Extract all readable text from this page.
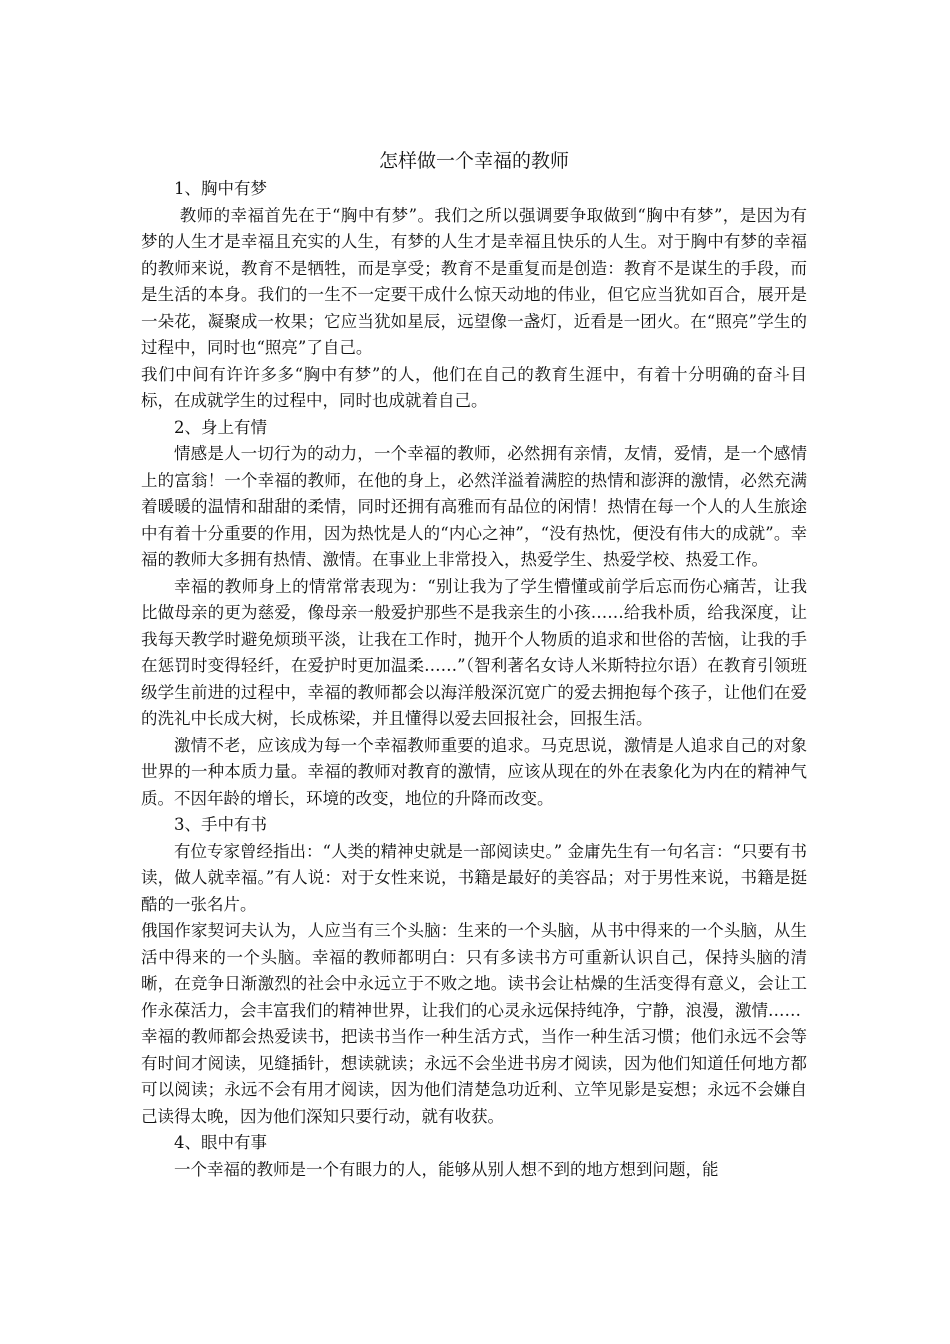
怎样做一个幸福的教师

1、胸中有梦

教师的幸福首先在于“胸中有梦”。我们之所以强调要争取做到“胸中有梦”，是因为有梦的人生才是幸福且充实的人生，有梦的人生才是幸福且快乐的人生。对于胸中有梦的幸福的教师来说，教育不是牺牲，而是享受；教育不是重复而是创造：教育不是谋生的手段，而是生活的本身。我们的一生不一定要干成什么惊天动地的伟业，但它应当犹如百合，展开是一朵花，凝聚成一枚果；它应当犹如星辰，远望像一盏灯，近看是一团火。在“照亮”学生的过程中，同时也“照亮”了自己。

我们中间有许许多多“胸中有梦”的人，他们在自己的教育生涯中，有着十分明确的奋斗目标，在成就学生的过程中，同时也成就着自己。

2、身上有情

情感是人一切行为的动力，一个幸福的教师，必然拥有亲情，友情，爱情，是一个感情上的富翁！一个幸福的教师，在他的身上，必然洋溢着满腔的热情和澎湃的激情，必然充满着暖暖的温情和甜甜的柔情，同时还拥有高雅而有品位的闲情！热情在每一个人的人生旅途中有着十分重要的作用，因为热忱是人的“内心之神”，“没有热忱，便没有伟大的成就”。幸福的教师大多拥有热情、激情。在事业上非常投入，热爱学生、热爱学校、热爱工作。

幸福的教师身上的情常常表现为：“别让我为了学生懵懂或前学后忘而伤心痛苦，让我比做母亲的更为慈爱，像母亲一般爱护那些不是我亲生的小孩……给我朴质，给我深度，让我每天教学时避免烦琐平淡，让我在工作时，抛开个人物质的追求和世俗的苦恼，让我的手在惩罚时变得轻纤，在爱护时更加温柔……”（智利著名女诗人米斯特拉尔语）在教育引领班级学生前进的过程中，幸福的教师都会以海洋般深沉宽广的爱去拥抱每个孩子，让他们在爱的洗礼中长成大树，长成栋梁，并且懂得以爱去回报社会，回报生活。

激情不老，应该成为每一个幸福教师重要的追求。马克思说，激情是人追求自己的对象世界的一种本质力量。幸福的教师对教育的激情，应该从现在的外在表象化为内在的精神气质。不因年龄的增长，环境的改变，地位的升降而改变。

3、手中有书

有位专家曾经指出：“人类的精神史就是一部阅读史。” 金庸先生有一句名言：“只要有书读，做人就幸福。”有人说：对于女性来说，书籍是最好的美容品；对于男性来说，书籍是挺酷的一张名片。

俄国作家契诃夫认为，人应当有三个头脑：生来的一个头脑，从书中得来的一个头脑，从生活中得来的一个头脑。幸福的教师都明白：只有多读书方可重新认识自己，保持头脑的清晰，在竞争日渐激烈的社会中永远立于不败之地。读书会让枯燥的生活变得有意义，会让工作永葆活力，会丰富我们的精神世界，让我们的心灵永远保持纯净，宁静，浪漫，激情……

幸福的教师都会热爱读书，把读书当作一种生活方式，当作一种生活习惯；他们永远不会等有时间才阅读，见缝插针，想读就读；永远不会坐进书房才阅读，因为他们知道任何地方都可以阅读；永远不会有用才阅读，因为他们清楚急功近利、立竿见影是妄想；永远不会嫌自己读得太晚，因为他们深知只要行动，就有收获。

4、眼中有事

一个幸福的教师是一个有眼力的人，能够从别人想不到的地方想到问题，能
